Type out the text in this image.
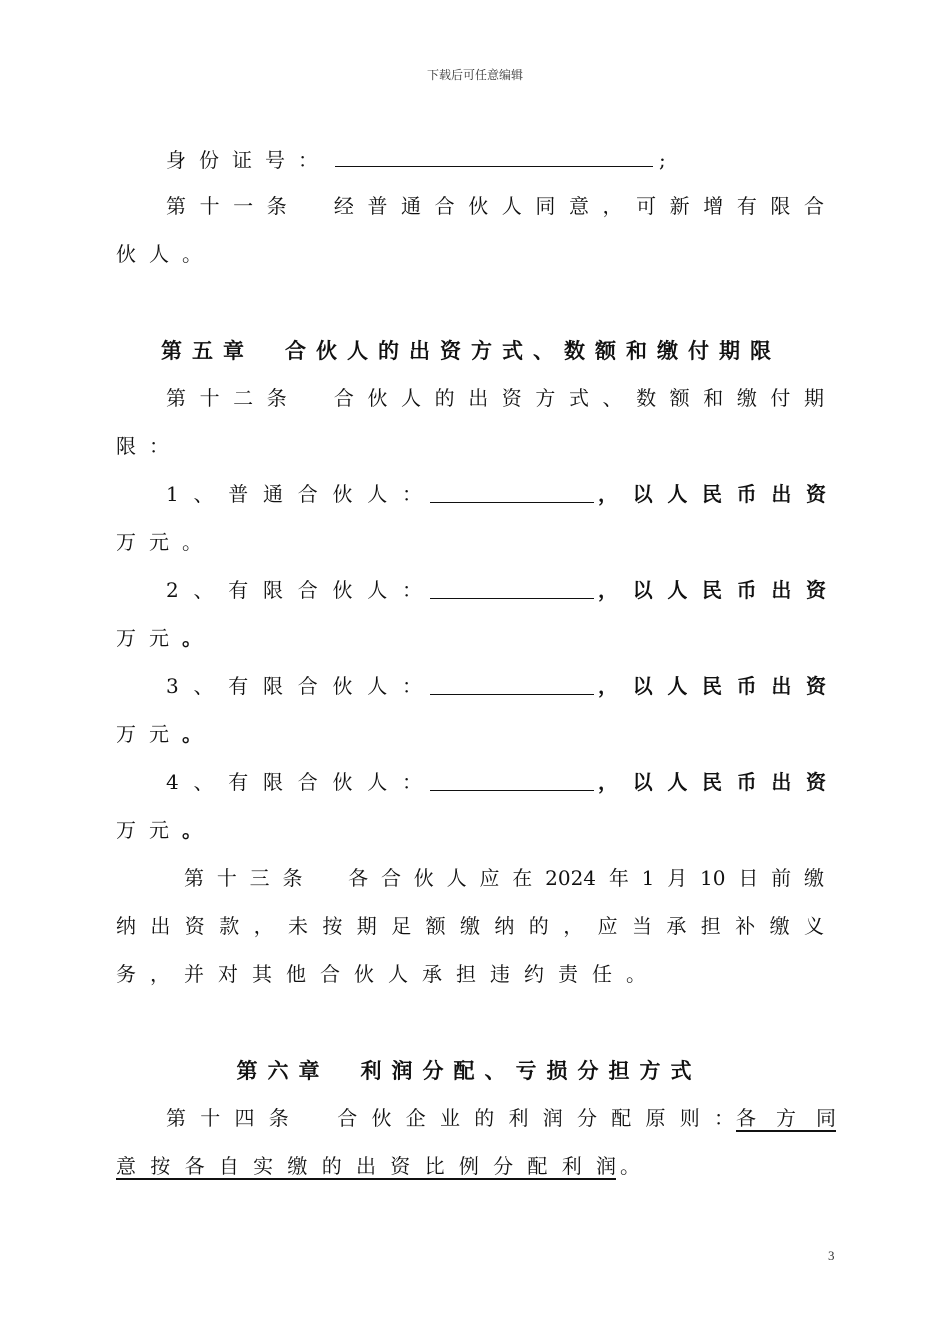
下载后可任意编辑
身份证号：	;
第十一条　经普通合伙人同意，可新增有限合
伙人。
第五章　合伙人的出资方式、数额和缴付期限
第十二条　合伙人的出资方式、数额和缴付期
限：
1、普通合伙人：	，以人民币出资
万元。
2、有限合伙人：	，以人民币出资
万元。
3、有限合伙人：	，以人民币出资
万元。
4、有限合伙人：	，以人民币出资
万元。
第十三条　各合伙人应在2024年1月10日前缴
纳出资款，未按期足额缴纳的，应当承担补缴义
务，并对其他合伙人承担违约责任。
第六章　利润分配、亏损分担方式
第十四条　合伙企业的利润分配原则： 各方同
意按各自实缴的出资比例分配利润 。
3
